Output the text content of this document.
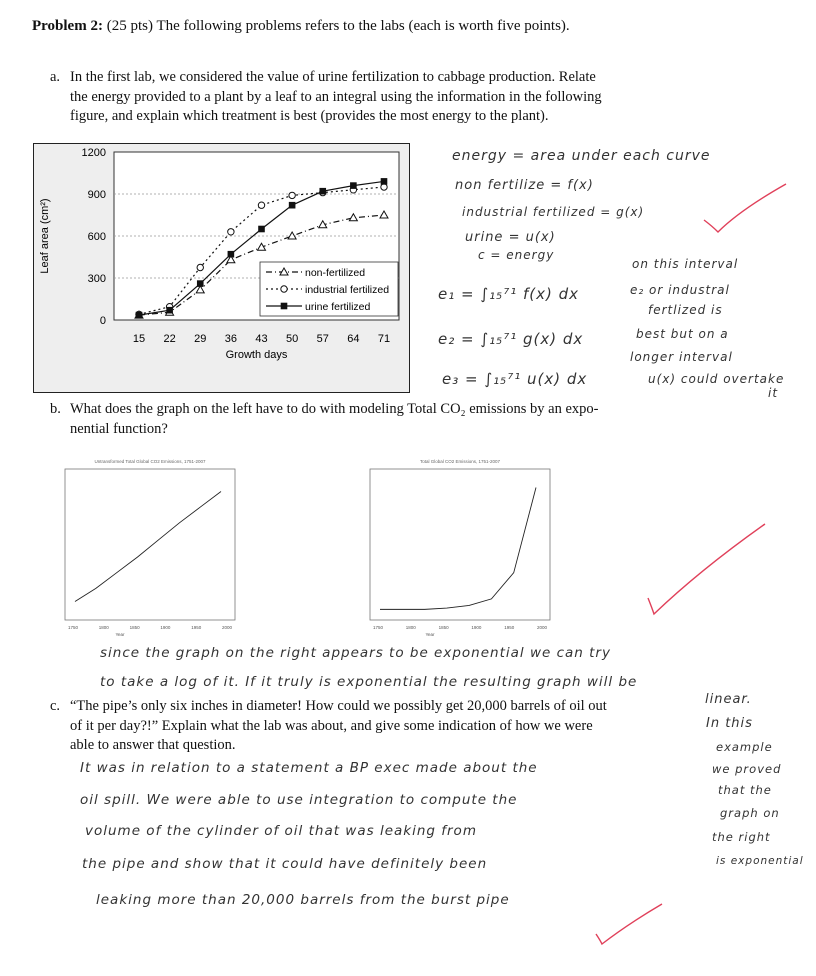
Problem 2: (25 pts) The following problems refers to the labs (each is worth five points).
a. In the first lab, we considered the value of urine fertilization to cabbage production. Relate
the energy provided to a plant by a leaf to an integral using the information in the following
figure, and explain which treatment is best (provides the most energy to the plant).
0
300
600
900
1200
15 22 29 36 43 50 57 64 71
Growth days
Leaf area (cm²)	non-fertilized
industrial fertilized
urine fertilized
energy = area under each curve
non fertilize = f(x)
industrial fertilized = g(x)
urine = u(x)
c = energy
e₁ = ∫₁₅⁷¹ f(x) dx
e₂ = ∫₁₅⁷¹ g(x) dx
e₃ = ∫₁₅⁷¹ u(x) dx
on this interval
e₂ or industral
fertlized is
best but on a
longer interval
u(x) could overtake
it
b. What does the graph on the left have to do with modeling Total CO₂ emissions by an expo-
nential function?
Untransformed Total Global CO2 Emissions, 1751-2007
1750	1800	1850	1900	1950	2000
Year
Total Global CO2 Emissions, 1751-2007
1750	1800	1850	1900	1950	2000
Year
since the graph on the right appears to be exponential we can try
to take a log of it. If it truly is exponential the resulting graph will be
linear.
c. “The pipe’s only six inches in diameter! How could we possibly get 20,000 barrels of oil out
of it per day?!” Explain what the lab was about, and give some indication of how we were
able to answer that question.
In this
example
we proved
that the
graph on
the right
is exponential
It was in relation to a statement a BP exec made about the
oil spill. We were able to use integration to compute the
volume of the cylinder of oil that was leaking from
the pipe and show that it could have definitely been
leaking more than 20,000 barrels from the burst pipe
